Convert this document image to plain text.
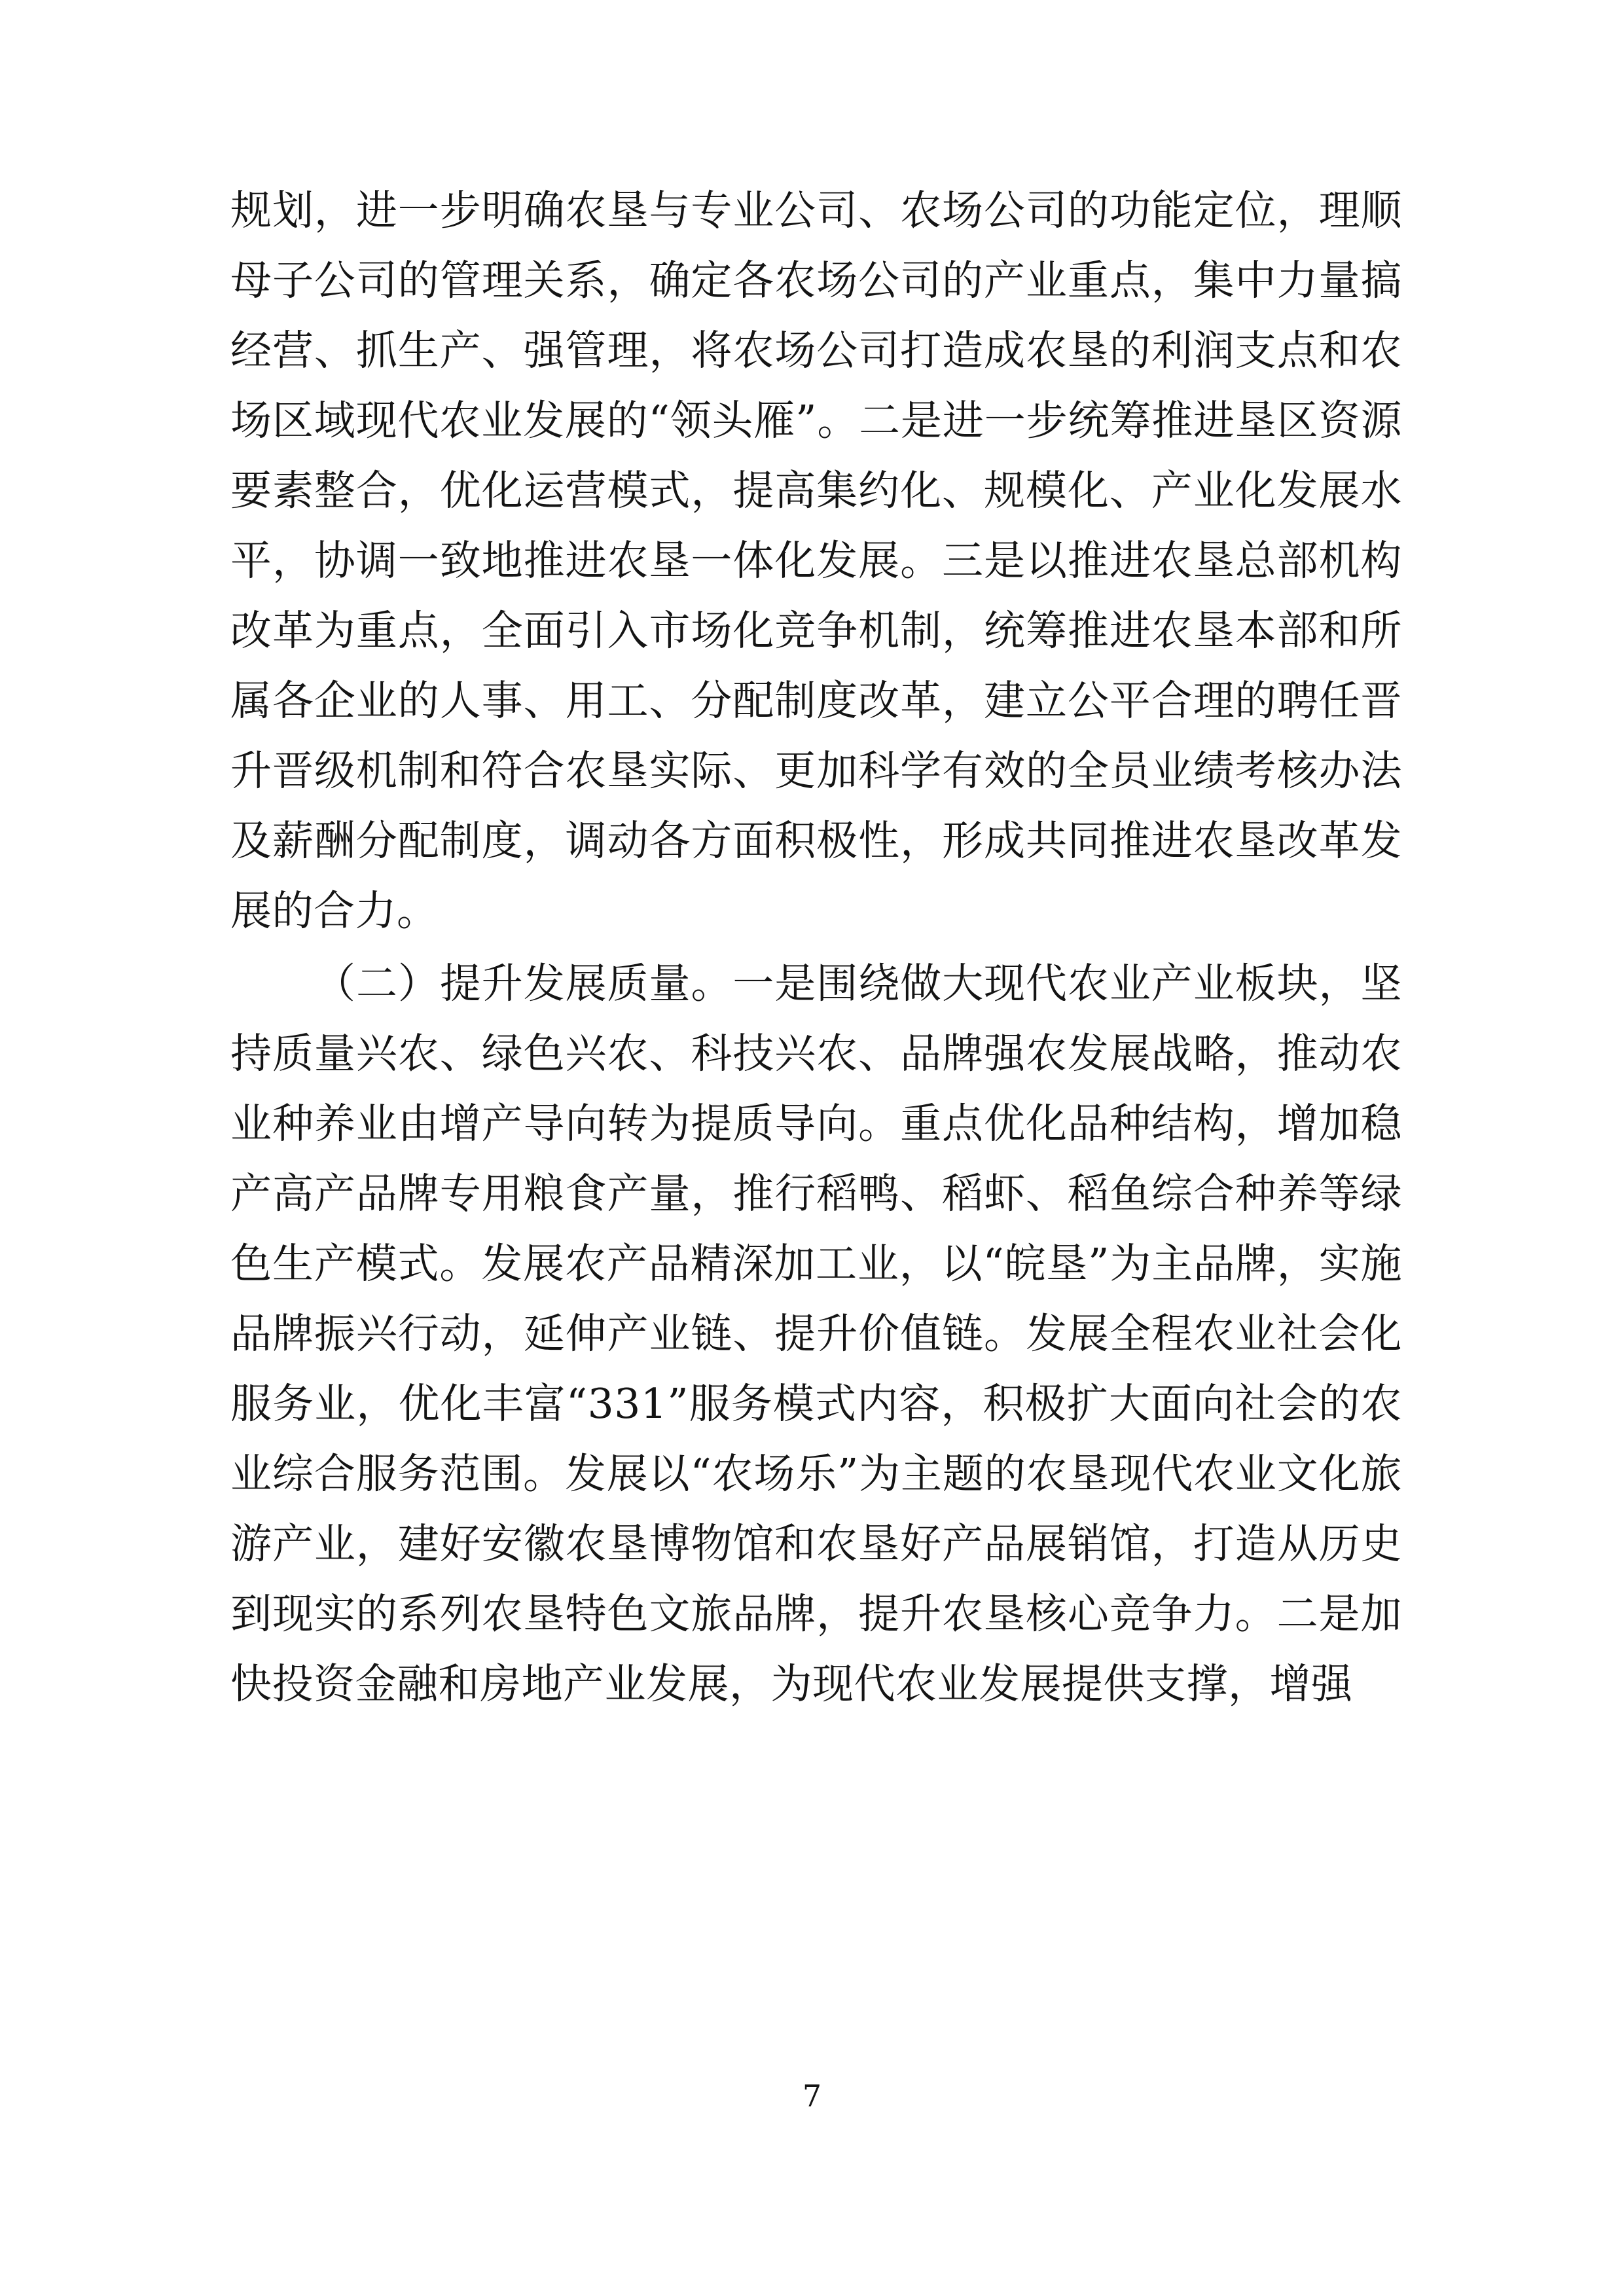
规划，进一步明确农垦与专业公司、农场公司的功能定位，理顺母子公司的管理关系，确定各农场公司的产业重点，集中力量搞经营、抓生产、强管理，将农场公司打造成农垦的利润支点和农场区域现代农业发展的“领头雁”。二是进一步统筹推进垦区资源要素整合，优化运营模式，提高集约化、规模化、产业化发展水平，协调一致地推进农垦一体化发展。三是以推进农垦总部机构改革为重点，全面引入市场化竞争机制，统筹推进农垦本部和所属各企业的人事、用工、分配制度改革，建立公平合理的聘任晋升晋级机制和符合农垦实际、更加科学有效的全员业绩考核办法及薪酬分配制度，调动各方面积极性，形成共同推进农垦改革发展的合力。

（二）提升发展质量。一是围绕做大现代农业产业板块，坚持质量兴农、绿色兴农、科技兴农、品牌强农发展战略，推动农业种养业由增产导向转为提质导向。重点优化品种结构，增加稳产高产品牌专用粮食产量，推行稻鸭、稻虾、稻鱼综合种养等绿色生产模式。发展农产品精深加工业，以“皖垦”为主品牌，实施品牌振兴行动，延伸产业链、提升价值链。发展全程农业社会化服务业，优化丰富“331”服务模式内容，积极扩大面向社会的农业综合服务范围。发展以“农场乐”为主题的农垦现代农业文化旅游产业，建好安徽农垦博物馆和农垦好产品展销馆，打造从历史到现实的系列农垦特色文旅品牌，提升农垦核心竞争力。二是加快投资金融和房地产业发展，为现代农业发展提供支撑，增强

7
